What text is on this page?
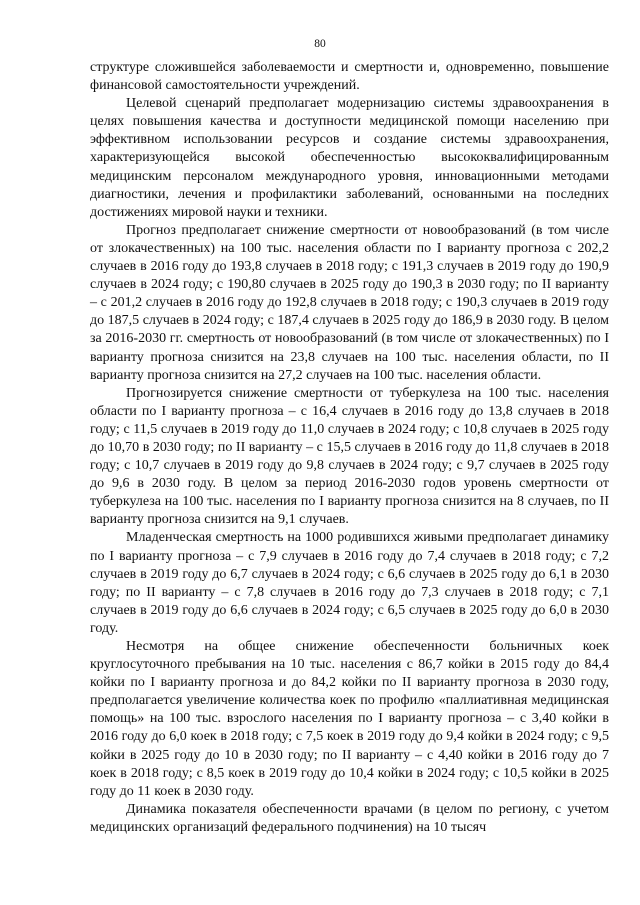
80

структуре сложившейся заболеваемости и смертности и, одновременно, повышение финансовой самостоятельности учреждений.

Целевой сценарий предполагает модернизацию системы здравоохранения в целях повышения качества и доступности медицинской помощи населению при эффективном использовании ресурсов и создание системы здравоохранения, характеризующейся высокой обеспеченностью высококвалифицированным медицинским персоналом международного уровня, инновационными методами диагностики, лечения и профилактики заболеваний, основанными на последних достижениях мировой науки и техники.

Прогноз предполагает снижение смертности от новообразований (в том числе от злокачественных) на 100 тыс. населения области по I варианту прогноза с 202,2 случаев в 2016 году до 193,8 случаев в 2018 году; с 191,3 случаев в 2019 году до 190,9 случаев в 2024 году; с 190,80 случаев в 2025 году до 190,3 в 2030 году; по II варианту – с 201,2 случаев в 2016 году до 192,8 случаев в 2018 году; с 190,3 случаев в 2019 году до 187,5 случаев в 2024 году; с 187,4 случаев в 2025 году до 186,9 в 2030 году. В целом за 2016-2030 гг. смертность от новообразований (в том числе от злокачественных) по I варианту прогноза снизится на 23,8 случаев на 100 тыс. населения области, по II варианту прогноза снизится на 27,2 случаев на 100 тыс. населения области.

Прогнозируется снижение смертности от туберкулеза на 100 тыс. населения области по I варианту прогноза – с 16,4 случаев в 2016 году до 13,8 случаев в 2018 году; с 11,5 случаев в 2019 году до 11,0 случаев в 2024 году; с 10,8 случаев в 2025 году до 10,70 в 2030 году; по II варианту – с 15,5 случаев в 2016 году до 11,8 случаев в 2018 году; с 10,7 случаев в 2019 году до 9,8 случаев в 2024 году; с 9,7 случаев в 2025 году до 9,6 в 2030 году. В целом за период 2016-2030 годов уровень смертности от туберкулеза на 100 тыс. населения по I варианту прогноза снизится на 8 случаев, по II варианту прогноза снизится на 9,1 случаев.

Младенческая смертность на 1000 родившихся живыми предполагает динамику по I варианту прогноза – с 7,9 случаев в 2016 году до 7,4 случаев в 2018 году; с 7,2 случаев в 2019 году до 6,7 случаев в 2024 году; с 6,6 случаев в 2025 году до 6,1 в 2030 году; по II варианту – с 7,8 случаев в 2016 году до 7,3 случаев в 2018 году; с 7,1 случаев в 2019 году до 6,6 случаев в 2024 году; с 6,5 случаев в 2025 году до 6,0 в 2030 году.

Несмотря на общее снижение обеспеченности больничных коек круглосуточного пребывания на 10 тыс. населения с 86,7 койки в 2015 году до 84,4 койки по I варианту прогноза и до 84,2 койки по II варианту прогноза в 2030 году, предполагается увеличение количества коек по профилю «паллиативная медицинская помощь» на 100 тыс. взрослого населения по I варианту прогноза – с 3,40 койки в 2016 году до 6,0 коек в 2018 году; с 7,5 коек в 2019 году до 9,4 койки в 2024 году; с 9,5 койки в 2025 году до 10 в 2030 году; по II варианту – с 4,40 койки в 2016 году до 7 коек в 2018 году; с 8,5 коек в 2019 году до 10,4 койки в 2024 году; с 10,5 койки в 2025 году до 11 коек в 2030 году.

Динамика показателя обеспеченности врачами (в целом по региону, с учетом медицинских организаций федерального подчинения) на 10 тысяч
